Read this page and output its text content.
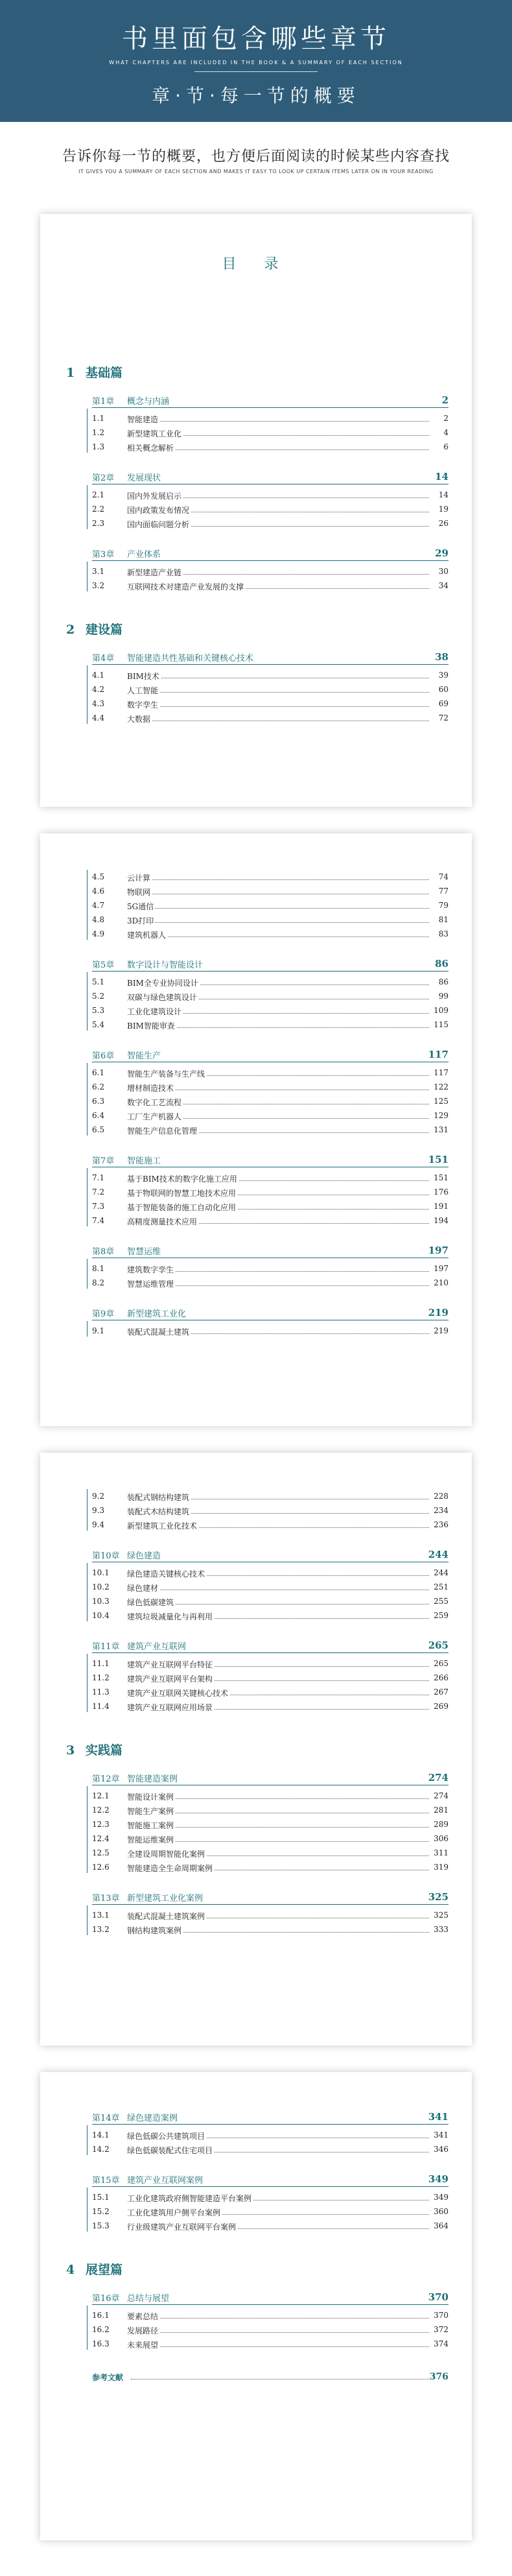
书里面包含哪些章节
WHAT CHAPTERS ARE INCLUDED IN THE BOOK & A SUMMARY OF EACH SECTION
章·节·每一节的概要
告诉你每一节的概要，也方便后面阅读的时候某些内容查找
IT GIVES YOU A SUMMARY OF EACH SECTION AND MAKES IT EASY TO LOOK UP CERTAIN ITEMS LATER ON IN YOUR READING
目 录
1 基础篇
第1章 概念与内涵	2
1.1	智能建造	2
1.2	新型建筑工业化	4
1.3	相关概念解析	6
第2章 发展现状	14
2.1	国内外发展启示	14
2.2	国内政策发布情况	19
2.3	国内面临问题分析	26
第3章 产业体系	29
3.1	新型建造产业链	30
3.2	互联网技术对建造产业发展的支撑	34
2 建设篇
第4章 智能建造共性基础和关键核心技术	38
4.1	BIM技术	39
4.2	人工智能	60
4.3	数字孪生	69
4.4	大数据	72
4.5	云计算	74
4.6	物联网	77
4.7	5G通信	79
4.8	3D打印	81
4.9	建筑机器人	83
第5章 数字设计与智能设计	86
5.1	BIM全专业协同设计	86
5.2	双碳与绿色建筑设计	99
5.3	工业化建筑设计	109
5.4	BIM智能审查	115
第6章 智能生产	117
6.1	智能生产装备与生产线	117
6.2	增材制造技术	122
6.3	数字化工艺流程	125
6.4	工厂生产机器人	129
6.5	智能生产信息化管理	131
第7章 智能施工	151
7.1	基于BIM技术的数字化施工应用	151
7.2	基于物联网的智慧工地技术应用	176
7.3	基于智能装备的施工自动化应用	191
7.4	高精度测量技术应用	194
第8章 智慧运维	197
8.1	建筑数字孪生	197
8.2	智慧运维管理	210
第9章 新型建筑工业化	219
9.1	装配式混凝土建筑	219
9.2	装配式钢结构建筑	228
9.3	装配式木结构建筑	234
9.4	新型建筑工业化技术	236
第10章 绿色建造	244
10.1 绿色建造关键核心技术	244
10.2 绿色建材	251
10.3 绿色低碳建筑	255
10.4 建筑垃圾减量化与再利用	259
第11章 建筑产业互联网	265
11.1 建筑产业互联网平台特征	265
11.2 建筑产业互联网平台架构	266
11.3 建筑产业互联网关键核心技术	267
11.4 建筑产业互联网应用场景	269
3 实践篇
第12章 智能建造案例	274
12.1 智能设计案例	274
12.2 智能生产案例	281
12.3 智能施工案例	289
12.4 智能运维案例	306
12.5 全建设周期智能化案例	311
12.6 智能建造全生命周期案例	319
第13章 新型建筑工业化案例	325
13.1 装配式混凝土建筑案例	325
13.2 钢结构建筑案例	333
第14章 绿色建造案例	341
14.1 绿色低碳公共建筑项目	341
14.2 绿色低碳装配式住宅项目	346
第15章 建筑产业互联网案例	349
15.1 工业化建筑政府侧智能建造平台案例	349
15.2 工业化建筑用户侧平台案例	360
15.3 行业级建筑产业互联网平台案例	364
4 展望篇
第16章 总结与展望	370
16.1 要素总结	370
16.2 发展路径	372
16.3 未来展望	374
参考文献	376
